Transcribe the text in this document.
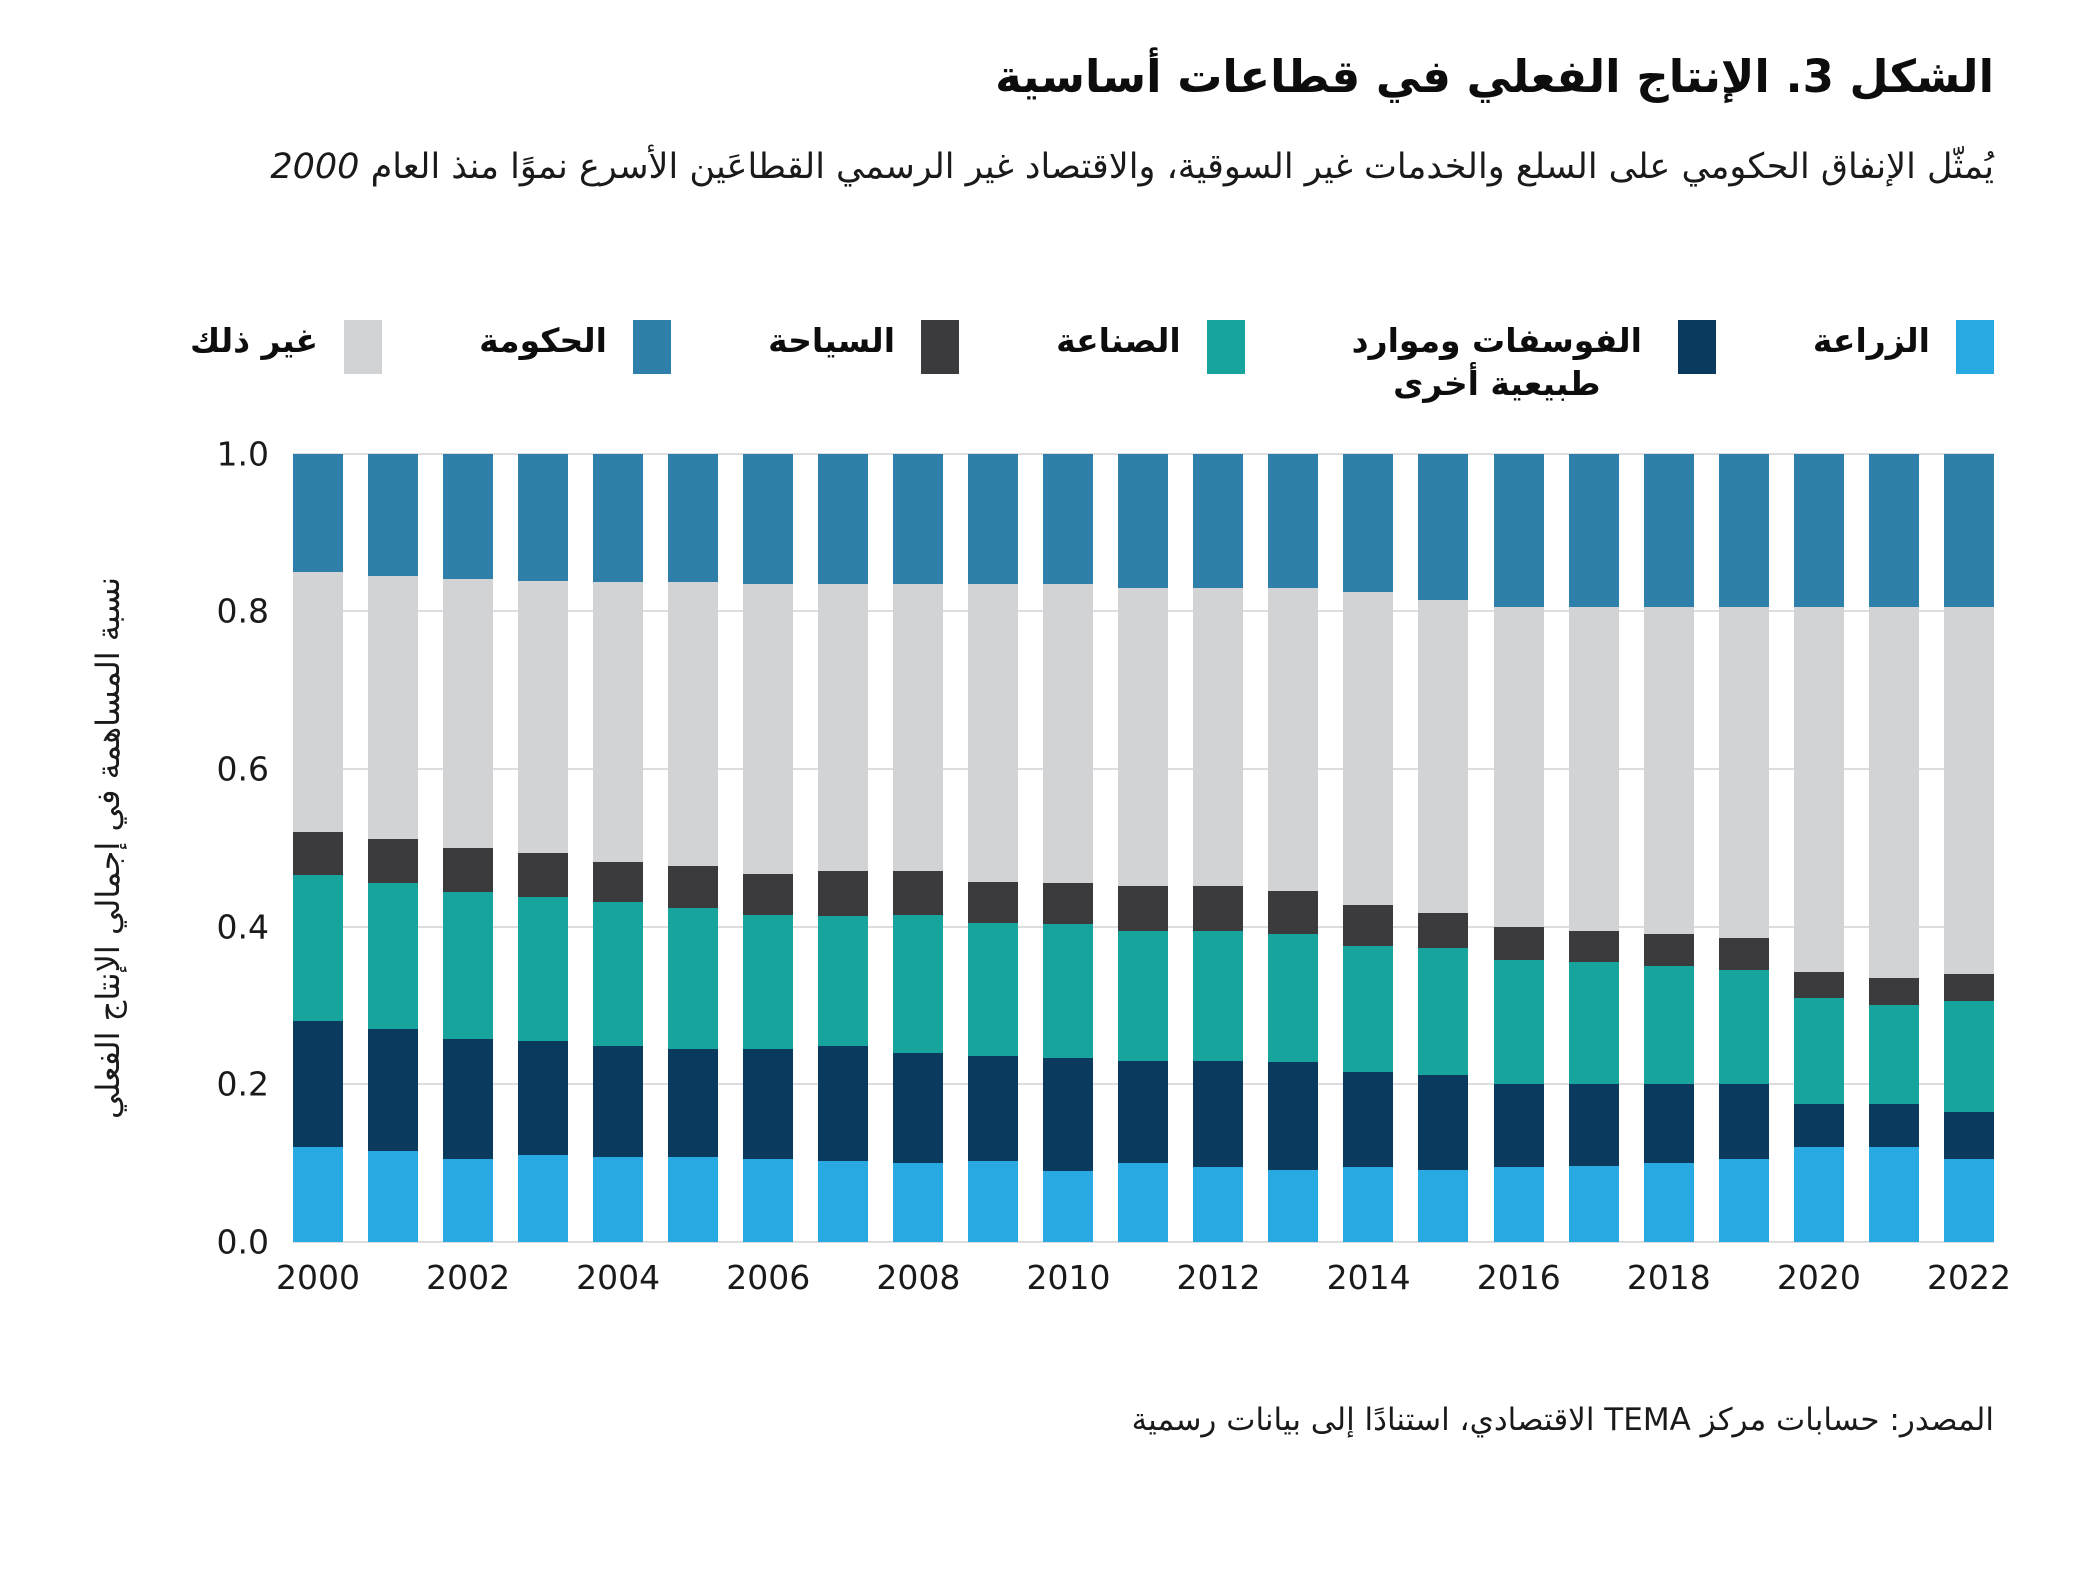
الشكل 3. الإنتاج الفعلي في قطاعات أساسية

يُمثّل الإنفاق الحكومي على السلع والخدمات غير السوقية، والاقتصاد غير الرسمي القطاعَين الأسرع نموًا منذ العام 2000

الزراعة
الفوسفات وموارد طبيعية أخرى
الصناعة
السياحة
الحكومة
غير ذلك
نسبة المساهمة في إجمالي الإنتاج الفعلي
1.0
0.8
0.6
0.4
0.2
0.0
2000 2002 2004 2006 2008 2010 2012 2014 2016 2018 2020 2022

المصدر: حسابات مركز TEMA الاقتصادي، استنادًا إلى بيانات رسمية
